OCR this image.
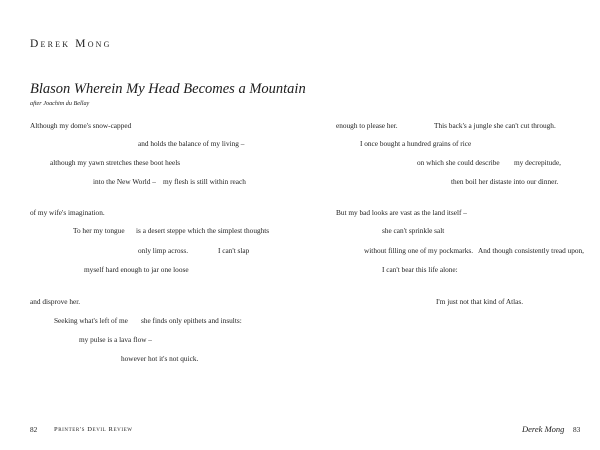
Derek Mong
Blason Wherein My Head Becomes a Mountain
after Joachim du Bellay
Although my dome's snow-capped
and holds the balance of my living –
although my yawn stretches these boot heels
into the New World – my flesh is still within reach
of my wife's imagination.
To her my tongue is a desert steppe which the simplest thoughts
only limp across.	I can't slap
myself hard enough to jar one loose
and disprove her.
Seeking what's left of me she finds only epithets and insults:
my pulse is a lava flow –
however hot it's not quick.
enough to please her.	This back's a jungle she can't cut through.
I once bought a hundred grains of rice
on which she could describe my decrepitude,
then boil her distaste into our dinner.
But my bad looks are vast as the land itself –
she can't sprinkle salt
without filling one of my pockmarks. And though consistently tread upon,
I can't bear this life alone:
I'm just not that kind of Atlas.
82	Printer's Devil Review	Derek Mong 83
